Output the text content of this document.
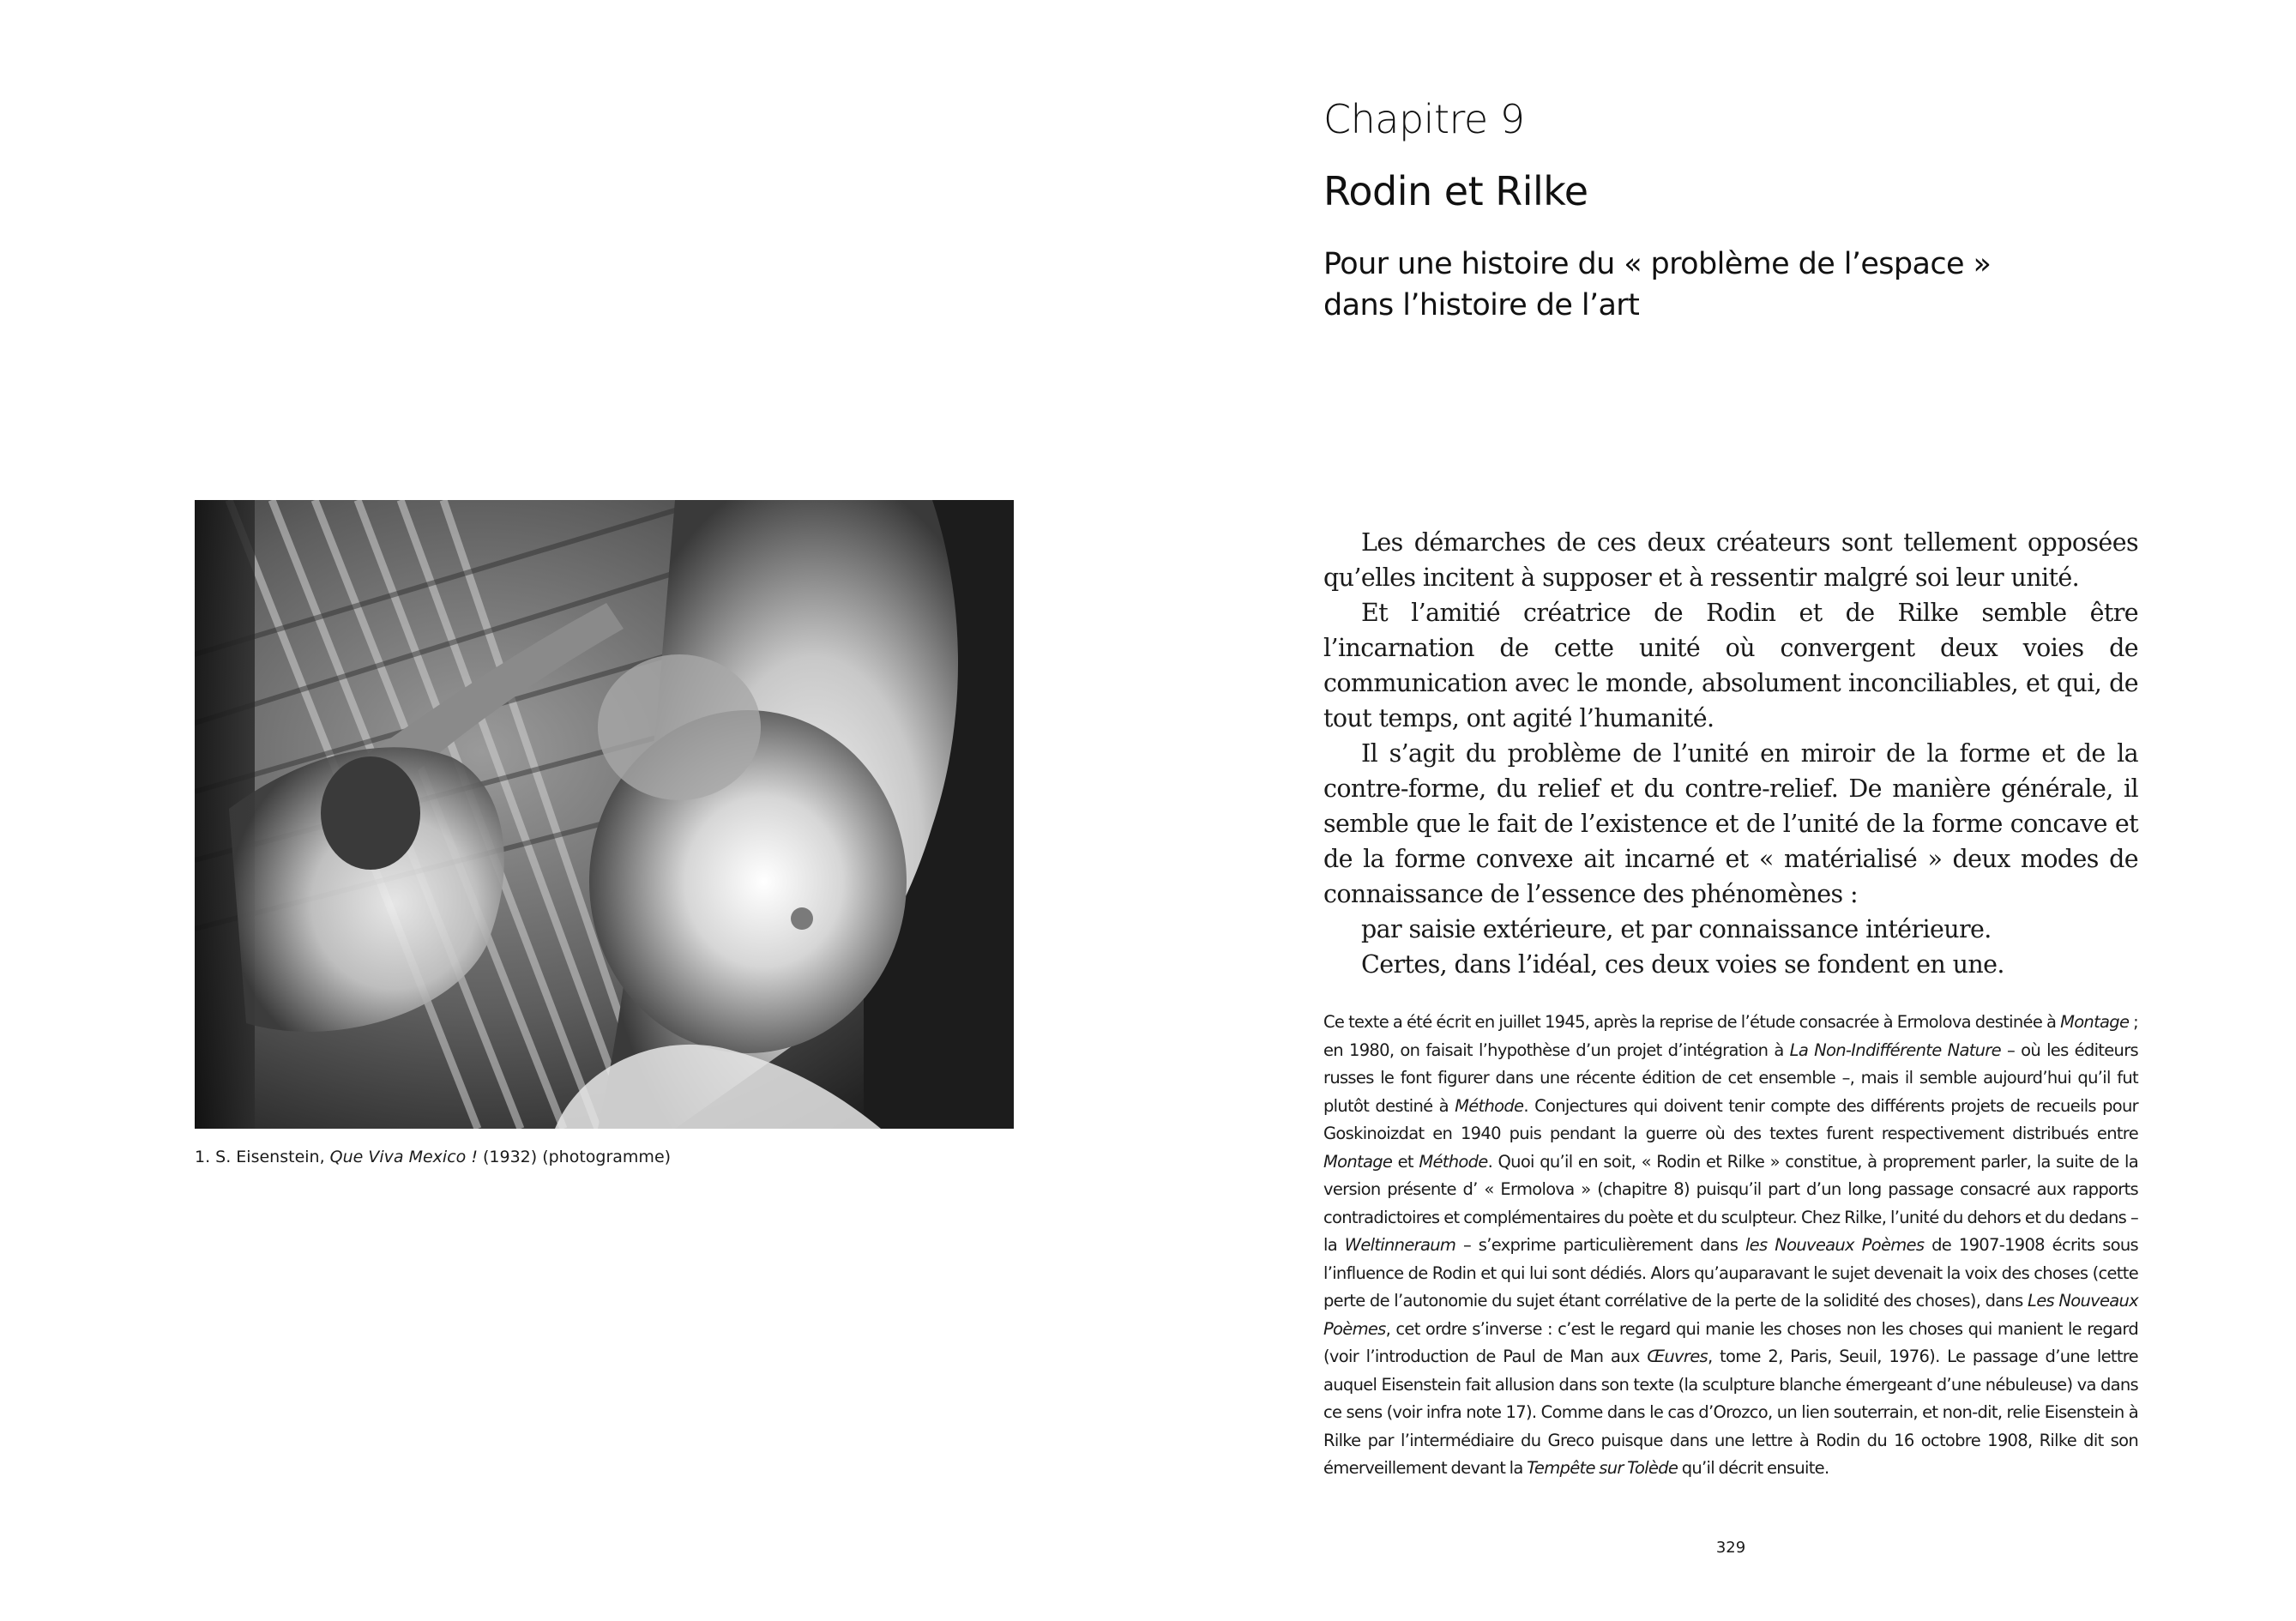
1. S. Eisenstein, Que Viva Mexico ! (1932) (photogramme)
Chapitre 9
Rodin et Rilke
Pour une histoire du « problème de l’espace »
dans l’histoire de l’art

Les démarches de ces deux créateurs sont tellement opposées qu’elles incitent à supposer et à ressentir malgré soi leur unité.

Et l’amitié créatrice de Rodin et de Rilke semble être l’incarnation de cette unité où convergent deux voies de communication avec le monde, absolument inconciliables, et qui, de tout temps, ont agité l’humanité.

Il s’agit du problème de l’unité en miroir de la forme et de la contre-forme, du relief et du contre-relief. De manière générale, il semble que le fait de l’existence et de l’unité de la forme concave et de la forme convexe ait incarné et « matérialisé » deux modes de connaissance de l’essence des phénomènes :

par saisie extérieure, et par connaissance intérieure.

Certes, dans l’idéal, ces deux voies se fondent en une.

Ce texte a été écrit en juillet 1945, après la reprise de l’étude consacrée à Ermolova destinée à Montage ; en 1980, on faisait l’hypothèse d’un projet d’intégration à La Non-Indifférente Nature – où les éditeurs russes le font figurer dans une récente édition de cet ensemble –, mais il semble aujourd’hui qu’il fut plutôt destiné à Méthode. Conjectures qui doivent tenir compte des différents projets de recueils pour Goskinoizdat en 1940 puis pendant la guerre où des textes furent respectivement distribués entre Montage et Méthode. Quoi qu’il en soit, « Rodin et Rilke » constitue, à proprement parler, la suite de la version présente d’ « Ermolova » (chapitre 8) puisqu’il part d’un long passage consacré aux rapports contradictoires et complémentaires du poète et du sculpteur. Chez Rilke, l’unité du dehors et du dedans – la Weltinneraum – s’exprime particulièrement dans les Nouveaux Poèmes de 1907-1908 écrits sous l’influence de Rodin et qui lui sont dédiés. Alors qu’auparavant le sujet devenait la voix des choses (cette perte de l’autonomie du sujet étant corrélative de la perte de la solidité des choses), dans Les Nouveaux Poèmes, cet ordre s’inverse : c’est le regard qui manie les choses non les choses qui manient le regard (voir l’introduction de Paul de Man aux Œuvres, tome 2, Paris, Seuil, 1976). Le passage d’une lettre auquel Eisenstein fait allusion dans son texte (la sculpture blanche émergeant d’une nébuleuse) va dans ce sens (voir infra note 17). Comme dans le cas d’Orozco, un lien souterrain, et non-dit, relie Eisenstein à Rilke par l’intermédiaire du Greco puisque dans une lettre à Rodin du 16 octobre 1908, Rilke dit son émerveillement devant la Tempête sur Tolède qu’il décrit ensuite.

329
